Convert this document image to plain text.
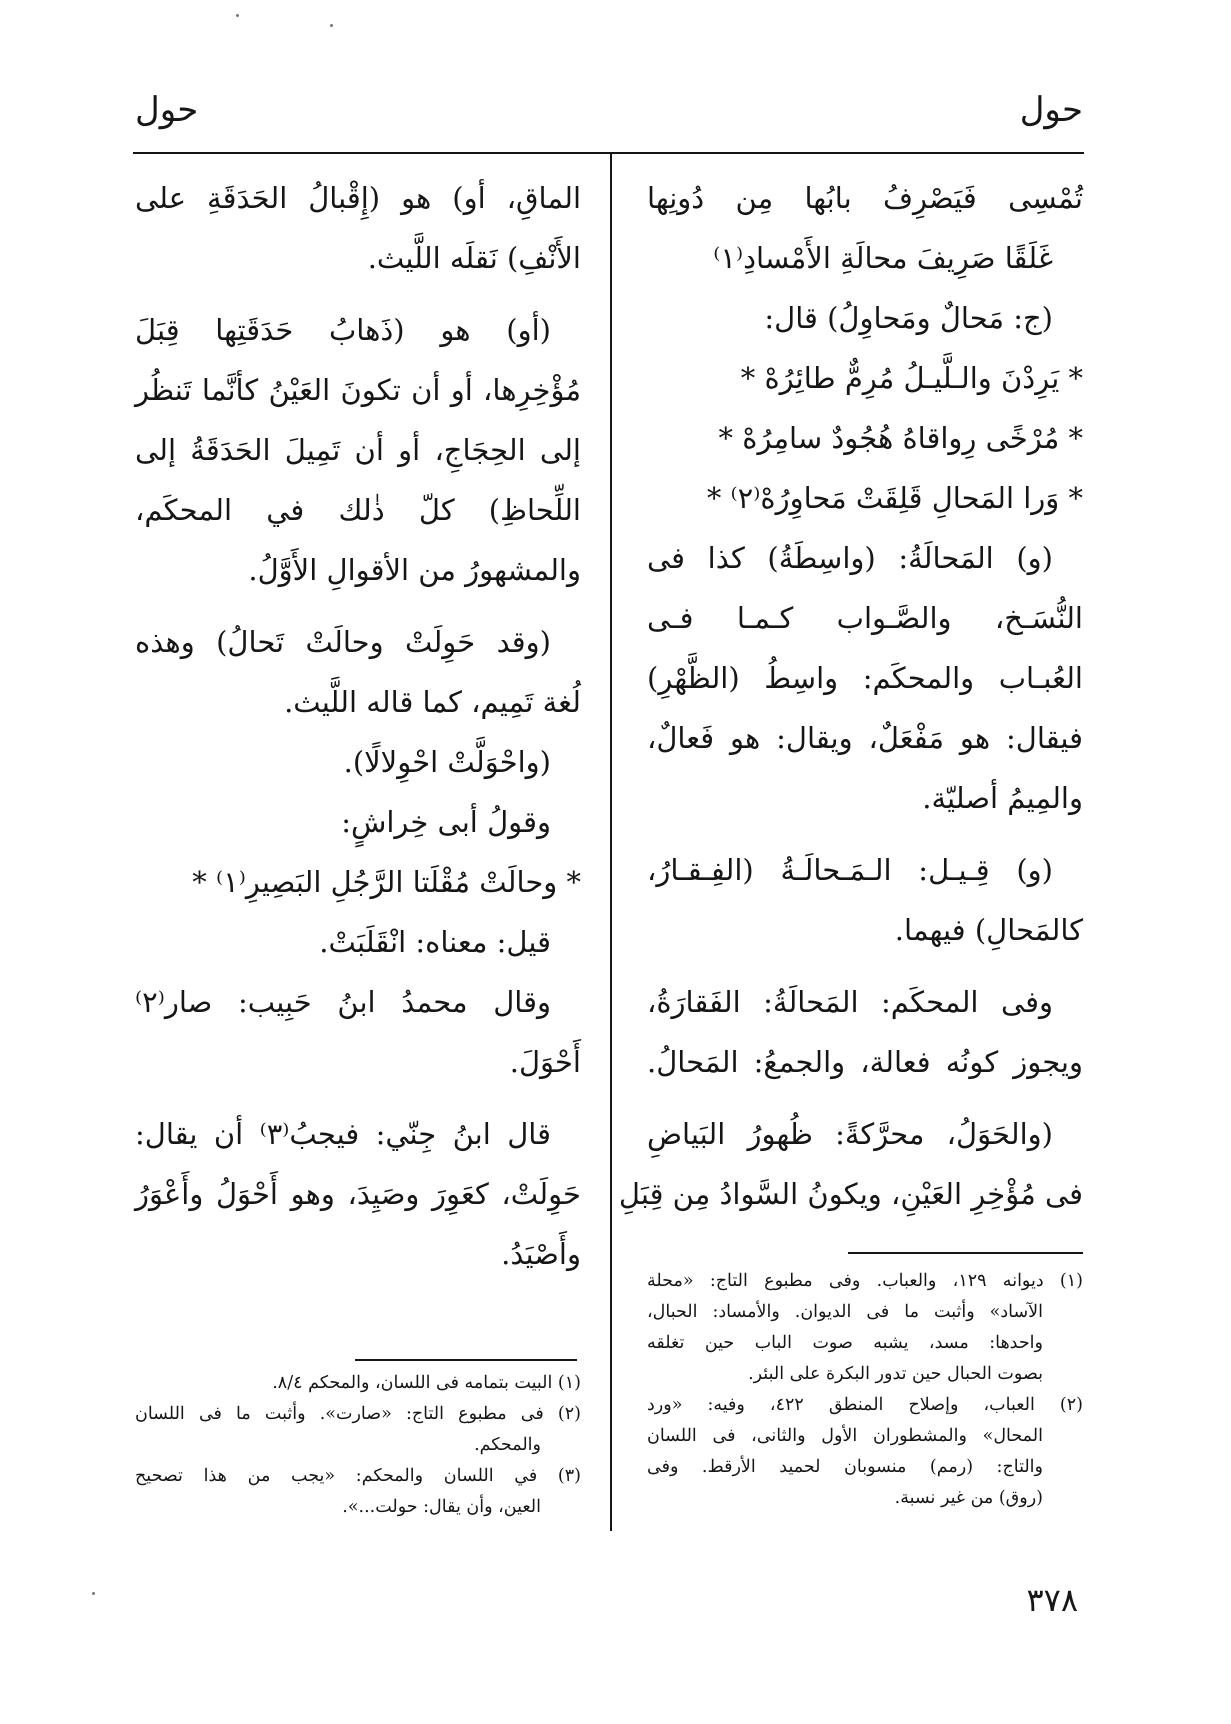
حول
حول
تُمْسِى فَيَصْرِفُ بابُها مِن دُونِها
غَلَقًا صَرِيفَ محالَةِ الأَمْسادِ⁽١⁾
(ج: مَحالٌ ومَحاوِلُ) قال:
* يَرِدْنَ والـلَّيـلُ مُرِمٌّ طائِرُهْ *
* مُرْخًى رِواقاهُ هُجُودٌ سامِرُهْ *
* وَرا المَحالِ قَلِقَتْ مَحاوِرُهْ⁽٢⁾ *
(و) المَحالَةُ: (واسِطَةُ) كذا فى
النُّسَـخ، والصَّـواب كـمـا فـى
العُبـاب والمحكَم: واسِطُ (الظَّهْرِ)
فيقال: هو مَفْعَلٌ، ويقال: هو فَعالٌ،
والمِيمُ أصليّة.
(و) قِـيـل: الـمَـحالَـةُ (الفِـقـارُ،
كالمَحالِ) فيهما.
وفى المحكَم: المَحالَةُ: الفَقارَةُ،
ويجوز كونُه فعالة، والجمعُ: المَحالُ.
(والحَوَلُ، محرَّكةً: ظُهورُ البَياضِ
فى مُؤْخِرِ العَيْنِ، ويكونُ السَّوادُ مِن قِبَلِ
الماقِ، أو) هو (إِقْبالُ الحَدَقَةِ على
الأَنْفِ) نَقلَه اللَّيث.
(أو) هو (ذَهابُ حَدَقَتِها قِبَلَ
مُؤْخِرِها، أو أن تكونَ العَيْنُ كأنَّما تَنظُر
إلى الحِجَاجِ، أو أن تَمِيلَ الحَدَقَةُ إلى
اللِّحاظِ) كلّ ذٰلك في المحكَم،
والمشهورُ من الأقوالِ الأَوَّلُ.
(وقد حَوِلَتْ وحالَتْ تَحالُ) وهذه
لُغة تَمِيم، كما قاله اللَّيث.
(واحْوَلَّتْ احْوِلالًا).
وقولُ أبى خِراشٍ:
* وحالَتْ مُقْلَتا الرَّجُلِ البَصِيرِ⁽١⁾ *
قيل: معناه: انْقَلَبَتْ.
وقال محمدُ ابنُ حَبِيب: صار⁽٢⁾
أَحْوَلَ.
قال ابنُ جِنّي: فيجبُ⁽٣⁾ أن يقال:
حَوِلَتْ، كعَوِرَ وصَيِدَ، وهو أَحْوَلُ وأَعْوَرُ
وأَصْيَدُ.
(١) ديوانه ١٢٩، والعباب. وفى مطبوع التاج: «محلة
الآساد» وأثبت ما فى الديوان. والأمساد: الحبال،
واحدها: مسد، يشبه صوت الباب حين تغلقه
بصوت الحبال حين تدور البكرة على البئر.
(٢) العباب، وإصلاح المنطق ٤٢٢، وفيه: «ورد
المحال» والمشطوران الأول والثانى، فى اللسان
والتاج: (رمم) منسوبان لحميد الأرقط. وفى
(روق) من غير نسبة.
(١) البيت بتمامه فى اللسان، والمحكم ٨/٤.
(٢) فى مطبوع التاج: «صارت». وأثبت ما فى اللسان
والمحكم.
(٣) في اللسان والمحكم: «يجب من هذا تصحيح
العين، وأن يقال: حولت...».
٣٧٨
